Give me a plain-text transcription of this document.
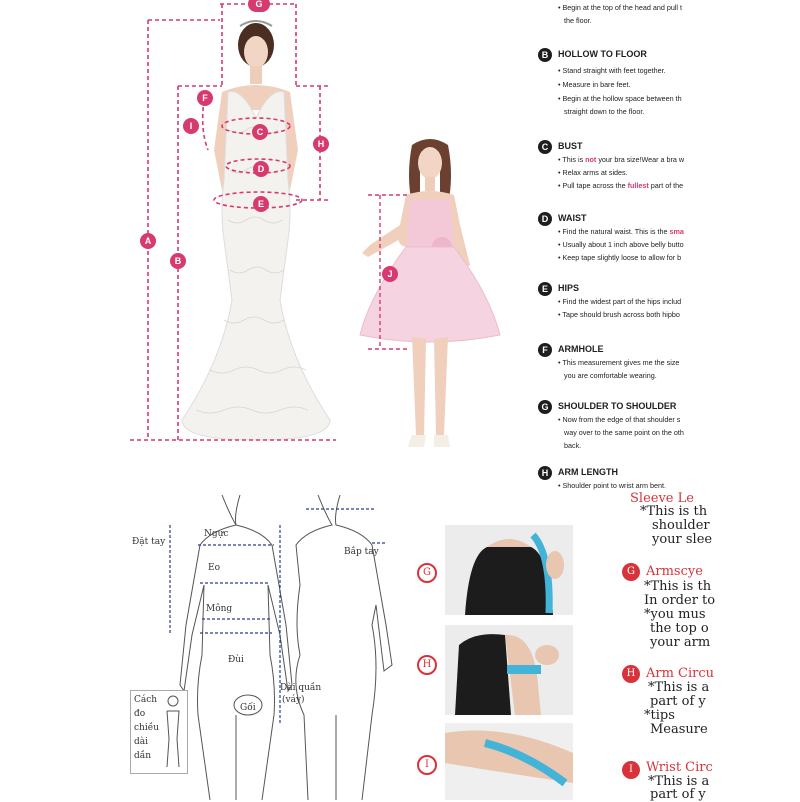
G
F
I
C
H
D
E
A
B
J
• Begin at the top of the head and pull t
the floor.
B	HOLLOW TO FLOOR
• Stand straight with feet together.
• Measure in bare feet.
• Begin at the hollow space between th
straight down to the floor.
C	BUST
• This is not your bra size!Wear a bra w
• Relax arms at sides.
• Pull tape across the fullest part of the
D	WAIST
• Find the natural waist. This is the sma
• Usually about 1 inch above belly butto
• Keep tape slightly loose to allow for b
E	HIPS
• Find the widest part of the hips includ
• Tape should brush across both hipbo
F	ARMHOLE
• This measurement gives me the size
you are comfortable wearing.
G	SHOULDER TO SHOULDER
• Now from the edge of that shoulder s
way over to the same point on the oth
back.
H	ARM LENGTH
• Shoulder point to wrist arm bent.
Đặt tay
Ngực
Eo
Mông
Đùi
Gối
Bắp tay
Dài quần
(váy)
Cách
đo
chiều
dài
dần
G
H
I
Sleeve Le
*This is th
shoulder
your slee
G Armscye
*This is th
In order to
*you mus
the top o
your arm
H Arm Circu
*This is a
part of y
*tips
Measure
I	Wrist Circ
*This is a
part of y
